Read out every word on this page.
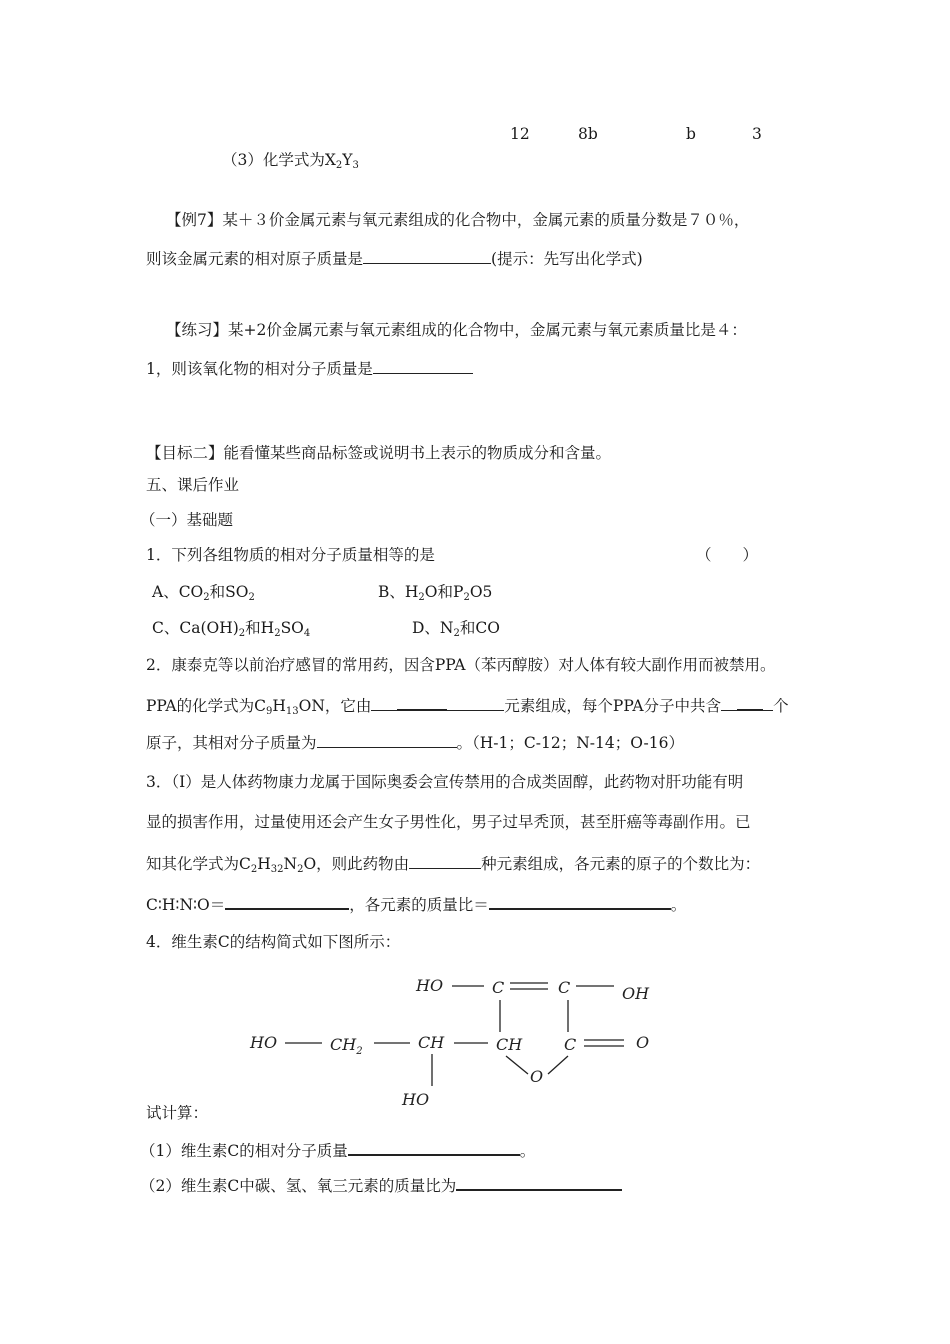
12	8b	b	3
（3）化学式为$X_2Y_3$
【例7】某＋３价金属元素与氧元素组成的化合物中，金属元素的质量分数是７０％，
则该金属元素的相对原子质量是	(提示：先写出化学式)
【练习】某+2价金属元素与氧元素组成的化合物中，金属元素与氧元素质量比是４：
1，则该氧化物的相对分子质量是
【目标二】能看懂某些商品标签或说明书上表示的物质成分和含量。
五、课后作业
（一）基础题
1．下列各组物质的相对分子质量相等的是	（　　）
A、$CO_2$和$SO_2$	B、$H_2O$和$P_2O5$
C、$Ca(OH)_2$和$H_2SO_4$	D、$N_2$和CO
2．康泰克等以前治疗感冒的常用药，因含PPA（苯丙醇胺）对人体有较大副作用而被禁用。
PPA的化学式为$C_9H_{13}ON$，它由	元素组成，每个PPA分子中共含	个
原子，其相对分子质量为	。（H-1；C-12；N-14；O-16）
3．（I）是人体药物康力龙属于国际奥委会宣传禁用的合成类固醇，此药物对肝功能有明
显的损害作用，过量使用还会产生女子男性化，男子过早秃顶，甚至肝癌等毒副作用。已
知其化学式为$C_2H_{32}N_2O$，则此药物由	种元素组成，各元素的原子的个数比为：
C∶H∶N∶O＝	，各元素的质量比＝	。
4．维生素C的结构简式如下图所示：
HO	C	C	OH
HO	$CH_2$	CH	CH	C	O
O
HO
试计算：
（1）维生素C的相对分子质量	。
（2）维生素C中碳、氢、氧三元素的质量比为
